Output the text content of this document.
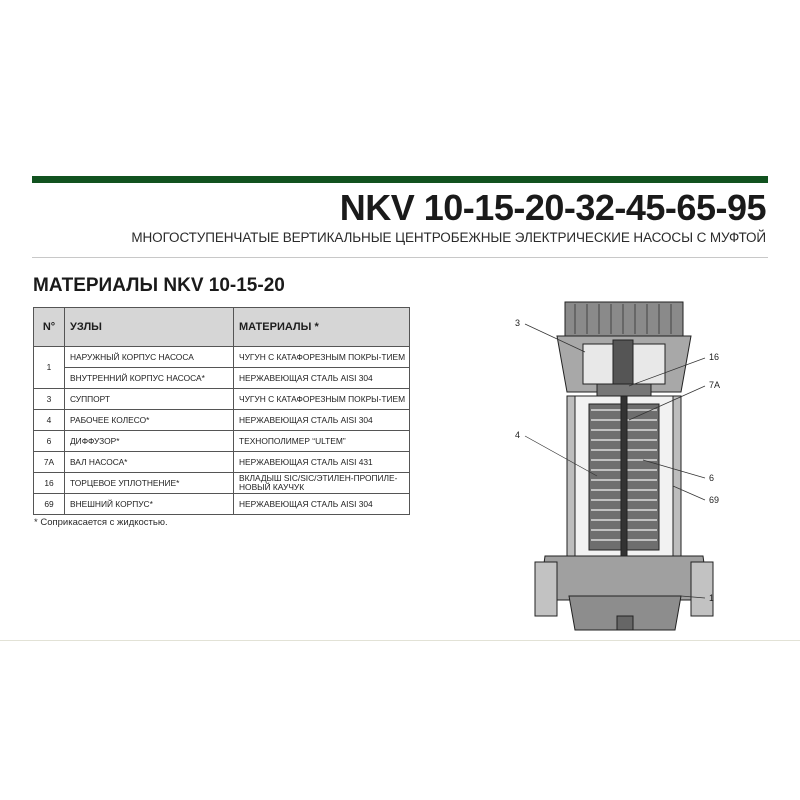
NKV 10-15-20-32-45-65-95
МНОГОСТУПЕНЧАТЫЕ ВЕРТИКАЛЬНЫЕ ЦЕНТРОБЕЖНЫЕ ЭЛЕКТРИЧЕСКИЕ НАСОСЫ С МУФТОЙ
МАТЕРИАЛЫ NKV 10-15-20
N°	УЗЛЫ	МАТЕРИАЛЫ *
1	НАРУЖНЫЙ КОРПУС НАСОСА	ЧУГУН С КАТАФОРЕЗНЫМ ПОКРЫ-ТИЕМ
	ВНУТРЕННИЙ КОРПУС НАСОСА*	НЕРЖАВЕЮЩАЯ СТАЛЬ AISI 304
3	СУППОРТ	ЧУГУН С КАТАФОРЕЗНЫМ ПОКРЫ-ТИЕМ
4	РАБОЧЕЕ КОЛЕСО*	НЕРЖАВЕЮЩАЯ СТАЛЬ AISI 304
6	ДИФФУЗОР*	ТЕХНОПОЛИМЕР “ULTEM”
7A	ВАЛ НАСОСА*	НЕРЖАВЕЮЩАЯ СТАЛЬ AISI 431
16	ТОРЦЕВОЕ УПЛОТНЕНИЕ*	ВКЛАДЫШ SIC/SIC/ЭТИЛЕН-ПРОПИЛЕ-НОВЫЙ КАУЧУК
69	ВНЕШНИЙ КОРПУС*	НЕРЖАВЕЮЩАЯ СТАЛЬ AISI 304
* Соприкасается с жидкостью.
3
16
7A
4
6
69
1
